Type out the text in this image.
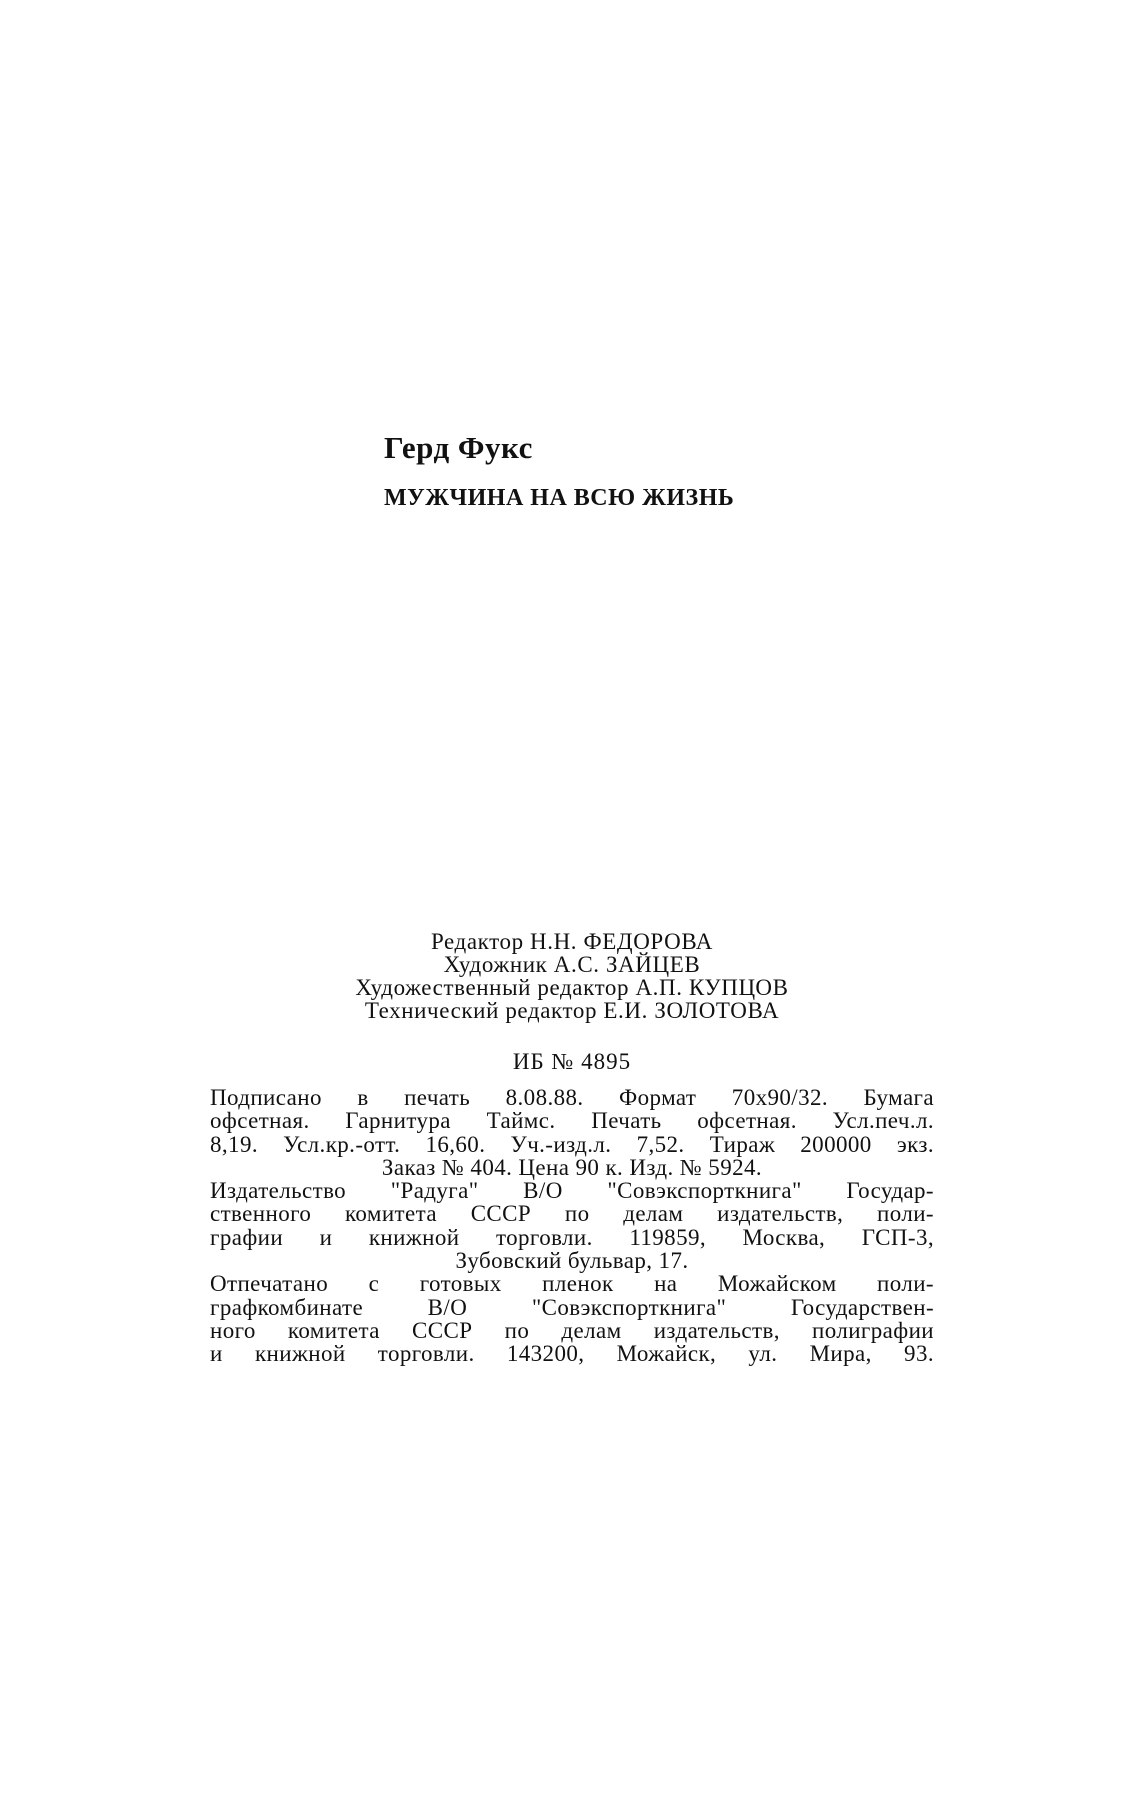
Герд Фукс
МУЖЧИНА НА ВСЮ ЖИЗНЬ
Редактор Н.Н. ФЕДОРОВА
Художник А.С. ЗАЙЦЕВ
Художественный редактор А.П. КУПЦОВ
Технический редактор Е.И. ЗОЛОТОВА
ИБ № 4895
Подписано в печать 8.08.88. Формат 70x90/32. Бумага
офсетная. Гарнитура Таймс. Печать офсетная. Усл.печ.л.
8,19. Усл.кр.-отт. 16,60. Уч.-изд.л. 7,52. Тираж 200000 экз.
Заказ № 404. Цена 90 к. Изд. № 5924.
Издательство "Радуга" В/О "Совэкспорткнига" Государ-
ственного комитета СССР по делам издательств, поли-
графии и книжной торговли. 119859, Москва, ГСП-3,
Зубовский бульвар, 17.
Отпечатано с готовых пленок на Можайском поли-
графкомбинате В/О "Совэкспорткнига" Государствен-
ного комитета СССР по делам издательств, полиграфии
и книжной торговли. 143200, Можайск, ул. Мира, 93.
